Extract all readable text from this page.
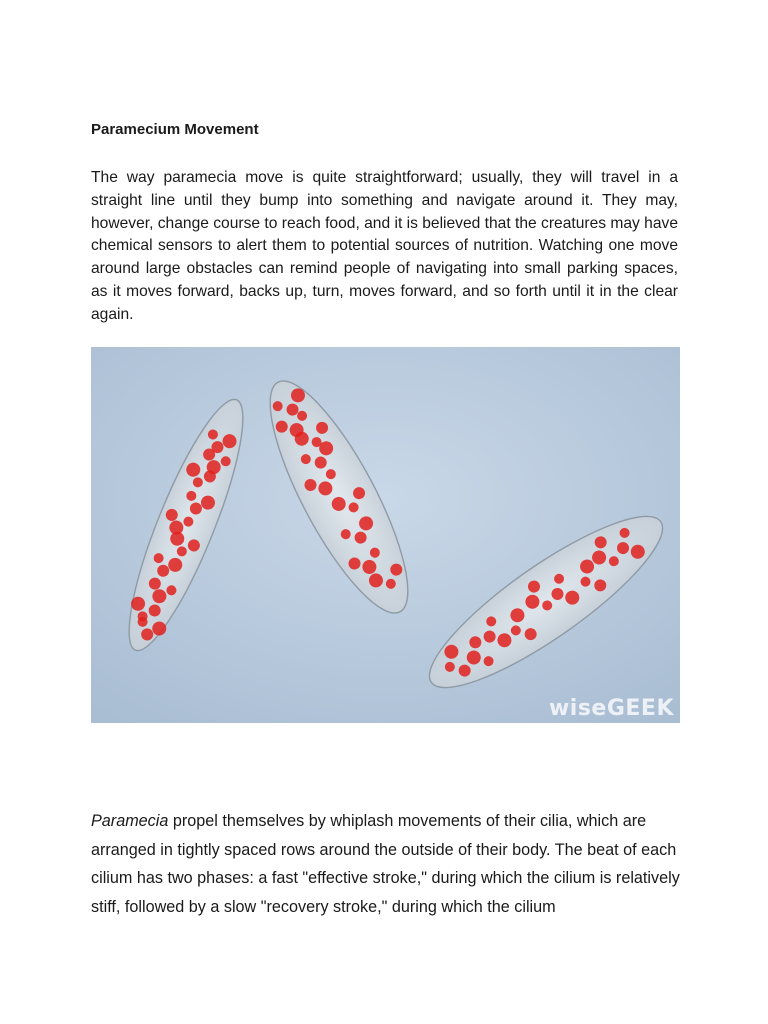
Paramecium Movement

The way paramecia move is quite straightforward; usually, they will travel in a straight line until they bump into something and navigate around it. They may, however, change course to reach food, and it is believed that the creatures may have chemical sensors to alert them to potential sources of nutrition. Watching one move around large obstacles can remind people of navigating into small parking spaces, as it moves forward, backs up, turn, moves forward, and so forth until it in the clear again.

wiseGEEK

Paramecia propel themselves by whiplash movements of their cilia, which are arranged in tightly spaced rows around the outside of their body. The beat of each cilium has two phases: a fast "effective stroke," during which the cilium is relatively stiff, followed by a slow "recovery stroke," during which the cilium
